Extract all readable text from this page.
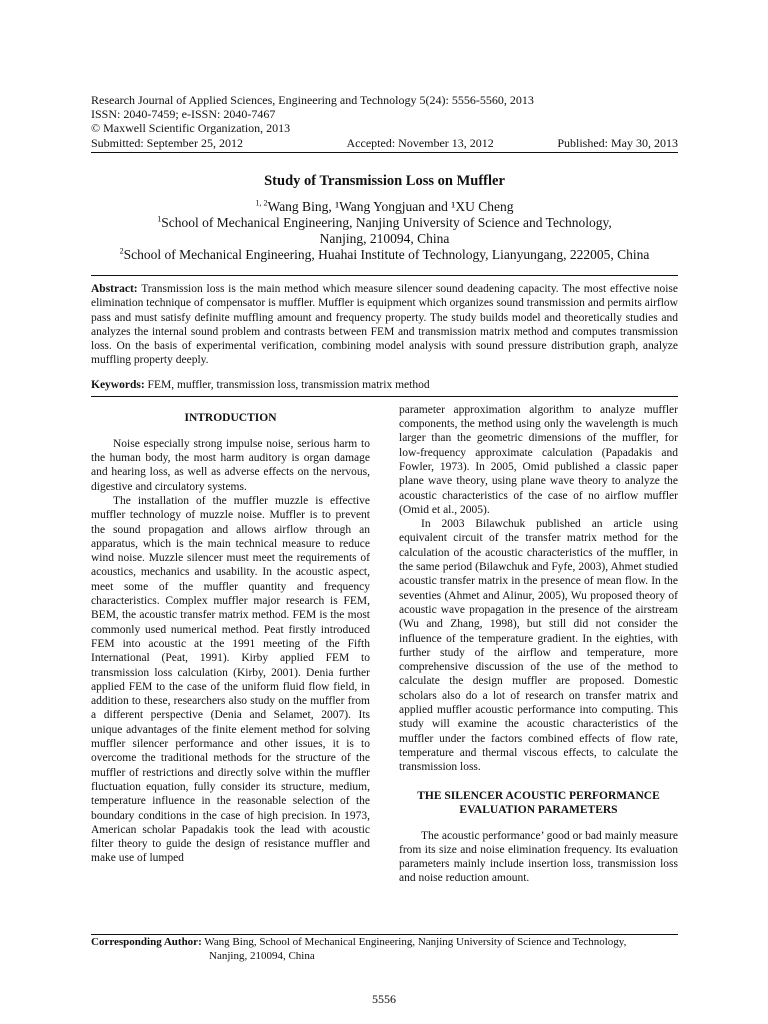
Research Journal of Applied Sciences, Engineering and Technology 5(24): 5556-5560, 2013
ISSN: 2040-7459; e-ISSN: 2040-7467
© Maxwell Scientific Organization, 2013
Submitted: September 25, 2012	Accepted: November 13, 2012	Published: May 30, 2013
Study of Transmission Loss on Muffler
$^{1, 2}$Wang Bing, ¹Wang Yongjuan and ¹XU Cheng
$^1$School of Mechanical Engineering, Nanjing University of Science and Technology,
Nanjing, 210094, China
$^2$School of Mechanical Engineering, Huahai Institute of Technology, Lianyungang, 222005, China
Abstract: Transmission loss is the main method which measure silencer sound deadening capacity. The most effective noise elimination technique of compensator is muffler. Muffler is equipment which organizes sound transmission and permits airflow pass and must satisfy definite muffling amount and frequency property. The study builds model and theoretically studies and analyzes the internal sound problem and contrasts between FEM and transmission matrix method and computes transmission loss. On the basis of experimental verification, combining model analysis with sound pressure distribution graph, analyze muffling property deeply.
Keywords: FEM, muffler, transmission loss, transmission matrix method
INTRODUCTION

Noise especially strong impulse noise, serious harm to the human body, the most harm auditory is organ damage and hearing loss, as well as adverse effects on the nervous, digestive and circulatory systems.

The installation of the muffler muzzle is effective muffler technology of muzzle noise. Muffler is to prevent the sound propagation and allows airflow through an apparatus, which is the main technical measure to reduce wind noise. Muzzle silencer must meet the requirements of acoustics, mechanics and usability. In the acoustic aspect, meet some of the muffler quantity and frequency characteristics. Complex muffler major research is FEM, BEM, the acoustic transfer matrix method. FEM is the most commonly used numerical method. Peat firstly introduced FEM into acoustic at the 1991 meeting of the Fifth International (Peat, 1991). Kirby applied FEM to transmission loss calculation (Kirby, 2001). Denia further applied FEM to the case of the uniform fluid flow field, in addition to these, researchers also study on the muffler from a different perspective (Denia and Selamet, 2007). Its unique advantages of the finite element method for solving muffler silencer performance and other issues, it is to overcome the traditional methods for the structure of the muffler of restrictions and directly solve within the muffler fluctuation equation, fully consider its structure, medium, temperature influence in the reasonable selection of the boundary conditions in the case of high precision. In 1973, American scholar Papadakis took the lead with acoustic filter theory to guide the design of resistance muffler and make use of lumped

parameter approximation algorithm to analyze muffler components, the method using only the wavelength is much larger than the geometric dimensions of the muffler, for low-frequency approximate calculation (Papadakis and Fowler, 1973). In 2005, Omid published a classic paper plane wave theory, using plane wave theory to analyze the acoustic characteristics of the case of no airflow muffler (Omid et al., 2005).

In 2003 Bilawchuk published an article using equivalent circuit of the transfer matrix method for the calculation of the acoustic characteristics of the muffler, in the same period (Bilawchuk and Fyfe, 2003), Ahmet studied acoustic transfer matrix in the presence of mean flow. In the seventies (Ahmet and Alinur, 2005), Wu proposed theory of acoustic wave propagation in the presence of the airstream (Wu and Zhang, 1998), but still did not consider the influence of the temperature gradient. In the eighties, with further study of the airflow and temperature, more comprehensive discussion of the use of the method to calculate the design muffler are proposed. Domestic scholars also do a lot of research on transfer matrix and applied muffler acoustic performance into computing. This study will examine the acoustic characteristics of the muffler under the factors combined effects of flow rate, temperature and thermal viscous effects, to calculate the transmission loss.

THE SILENCER ACOUSTIC PERFORMANCE
EVALUATION PARAMETERS

The acoustic performance’ good or bad mainly measure from its size and noise elimination frequency. Its evaluation parameters mainly include insertion loss, transmission loss and noise reduction amount.

Corresponding Author: Wang Bing, School of Mechanical Engineering, Nanjing University of Science and Technology,
Nanjing, 210094, China
5556
